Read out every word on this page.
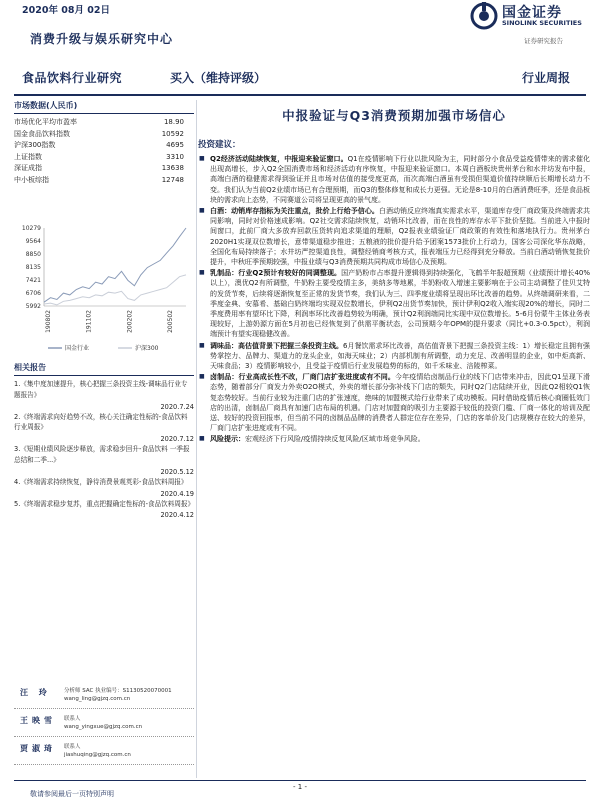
2020年 08月 02日	国金证券
SINOLINK SECURITIES
证券研究报告
消费升级与娱乐研究中心
食品饮料行业研究	买入（维持评级）	行业周报
市场数据(人民币)
市场优化平均市盈率	18.90
国金食品饮料指数	10592
沪深300指数	4695
上证指数	3310
深证成指	13638
中小板综指	12748
10279
9564
8850
8135
7421
6706
5992
190802	191102	200202	200502
国金行业	沪深300
相关报告
1.《集中度加速提升，核心把握三条投资主线-调味品行业专题报告》
2020.7.24
2.《终端需求向好趋势不改，核心关注确定性标的-食品饮料行业周报》
2020.7.12
3.《短期业绩风险逐步释放，需求稳步回升-食品饮料 一季报总结和二季...》
2020.5.12
4.《终端需求持续恢复，静待消费景观英彩-食品饮料周报》
2020.4.19
5.《终端需求稳步复苏，重点把握确定性标的-食品饮料周报》
2020.4.12
汪 玲 分析师 SAC 执业编号：S1130520070001
wang_ling@gjzq.com.cn
王映雪 联系人
wang_yingxue@gjzq.com.cn
贾淑琦 联系人
jiashuqing@gjzq.com.cn
中报验证与Q3消费预期加强市场信心
投资建议：
■ Q2经济活动陆续恢复，中报迎来验证窗口。Q1在疫情影响下行业以批风险为主，同时部分小食品受益疫情带来的需求催化出现高增长，步入Q2全国消费市场和经济活动有序恢复，中报迎来验证窗口。本周白酒板块贵州茅台和水井坊发布中报，高端白酒的稳健需求得到验证并且市场对估值的接受度更高，而次高端白酒虽有受损但渠道价值持续顺后长期增长动力不变。我们认为当前Q2业绩市场已有合理预期，而Q3的整体修复和成长力更强。无论是8-10月的白酒消费旺季，还是食品板块的需求向上态势，不同赛道公司将呈现更高的景气度。
■ 白酒：动销库存指标为关注重点，批价上行给予信心。白酒动销反应终端真实需求水平，渠道库存受厂商政策及终端需求共同影响，同时对价格速成影响。Q2社交需求陆续恢复，动销环比改善，而在良性的库存水平下批价坚挺。当前进入中报时间窗口，此前厂商大多放弃回款压货转向追求渠道的理顺，Q2报表业绩验证厂商政策的有效性和落地执行力。贵州茅台2020H1实现双位数增长，意带渠道稳步推进；五粮液的批价提升给予团案1573批价上行动力，国客公司深化华东战略，全国化布局持续落子；水井坊严控渠道良性，调整经销商考核方式，报表端压力已经得到充分释放。当前白酒动销恢复批价提升，中秋旺季预期较强，中报业绩与Q3消费预期共同构成市场信心及预期。
■ 乳制品：行业Q2预计有较好的同调整现。国产奶粉市占率提升逻辑得到持续强化，飞鹤半年报超预期（业绩预计增长40%以上），澳优Q2有所调整，牛奶粉主要受疫情主多，美纳多等地累，半奶粉收入增速主要影响在于公司主动调整了佳贝艾特的发货节奏，后续将逐渐恢复至正常的发货节奏，我们认为三、四季度业绩将呈现出环比改善的趋势。从终端调研来看，二季度金典、安慕希、基础白奶终端均实现双位数增长，伊利Q2出货节奏加快，预计伊利Q2收入端实现20%的增长，同时二季度费用率有望环比下降，利润率环比改善趋势较为明确，预计Q2利润端同比实现中双位数增长。5-6月份蒙牛主体业务表现较好，上游奶源方面在5月初也已经恢复到了供需平衡状态，公司预期今年OPM的提升要求（同比+0.3-0.5pct），利润端预计有望实现稳健改善。
■ 调味品：高估值背景下把握三条投资主线。6月餐饮需求环比改善，高估值背景下把握三条投资主线：1）增长稳定且拥有强势掌控力、品牌力、渠道力的龙头企业，如海天味业；2）内部机制有所调整，动力充足、改善明显的企业，如中炬高新、天味食品；3）疫情影响较小，且受益于疫情后行业发展趋势的标的，如千禾味业、涪陵榨菜。
■ 卤制品：行业高成长性不改，厂商门店扩张进度或有不同。今年疫情给卤制品行业的线下门店带来冲击，因此Q1呈现下滑态势，随着部分厂商发力外卖O2O模式，外卖的增长部分弥补线下门店的颓失，同时Q2门店陆续开业，因此Q2相较Q1恢复态势较好。当前行业较为注重门店的扩张速度，绝味的加盟模式给行业带来了成功模板。同时借助疫情后核心商圈低效门店的出清，卤制品厂商具有加速门店布局的机遇。门店对加盟商的吸引力主要源于较低的投资门槛、厂商一体化的培训及配送、较好的投资回报率，但当前不同的卤制品品牌的消费者人群定位存在差异，门店的客单价及门店规模存在较大的差异，厂商门店扩张进度或有不同。
■ 风险提示：宏观经济下行风险/疫情持续反复风险/区域市场竞争风险。
- 1 -
敬请参阅最后一页特别声明
